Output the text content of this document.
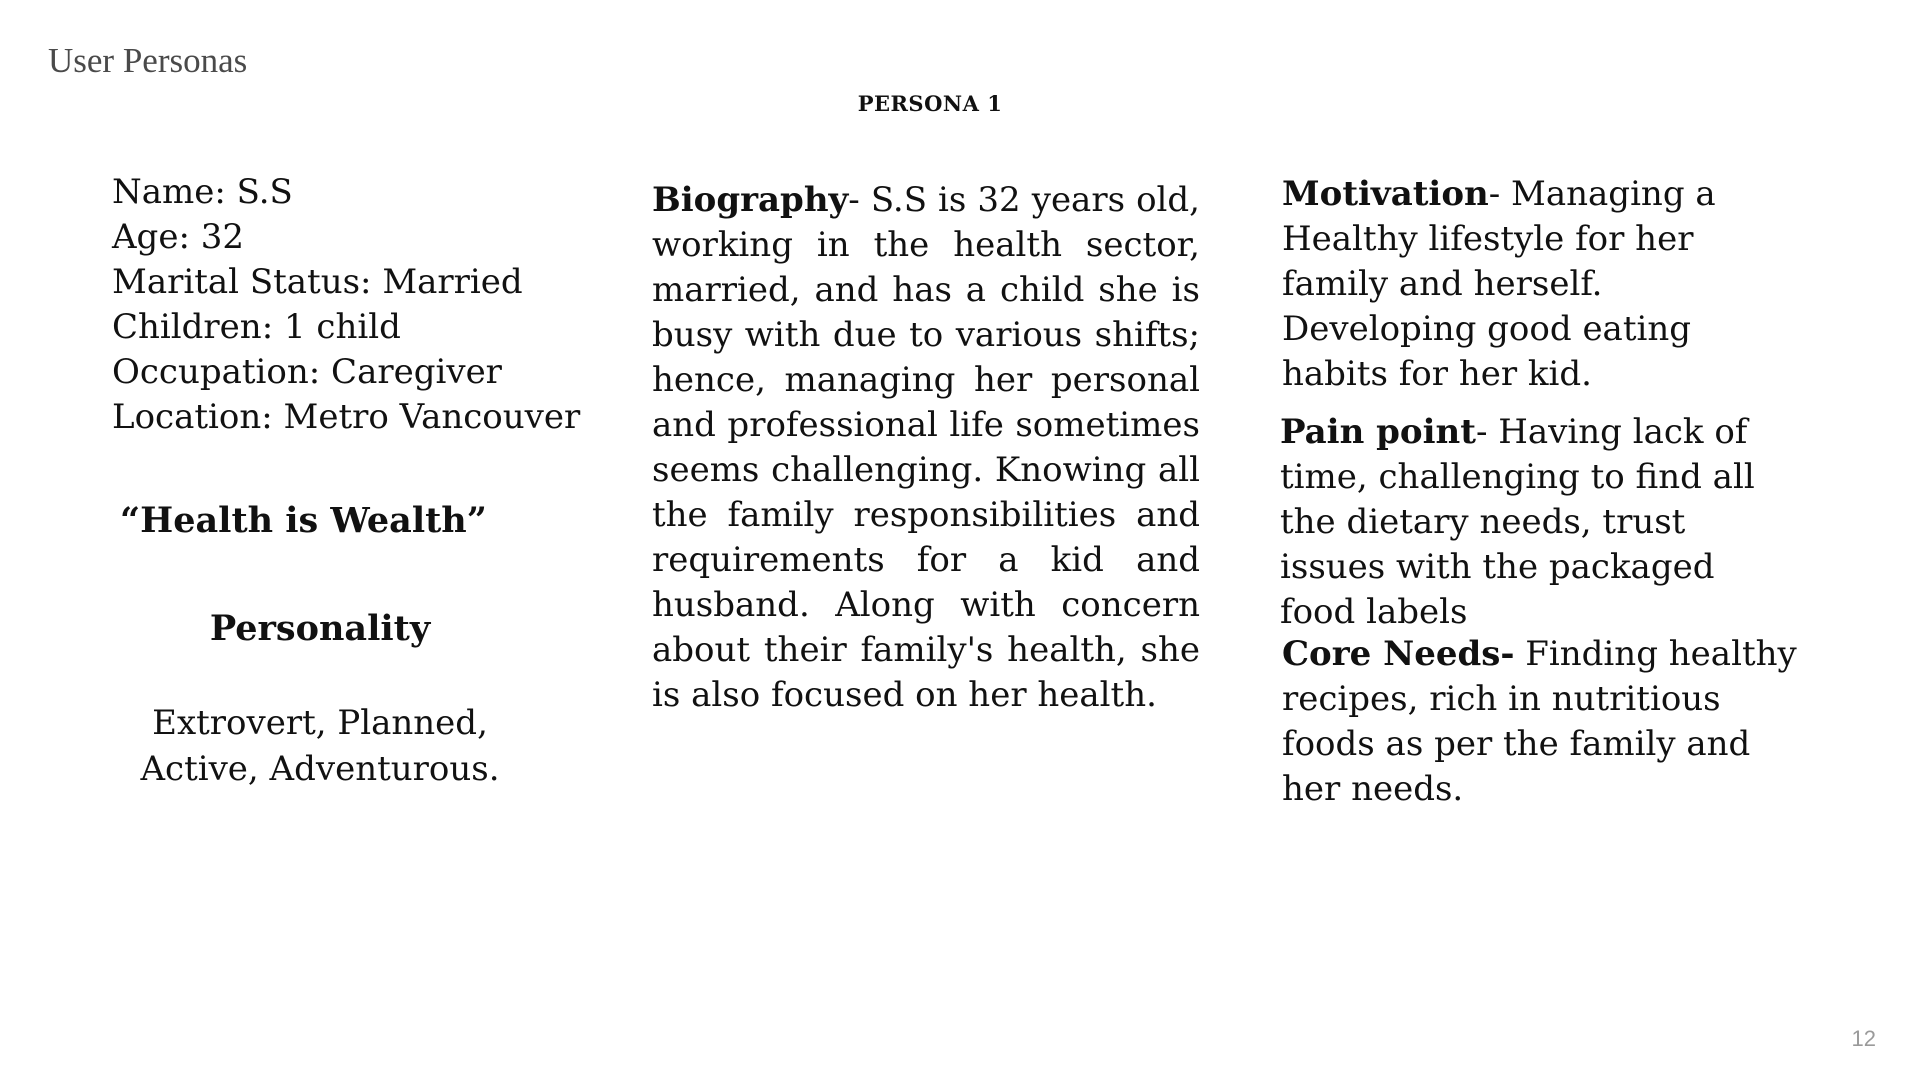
User Personas
PERSONA 1
Name: S.S
Age: 32
Marital Status: Married
Children: 1 child
Occupation: Caregiver
Location: Metro Vancouver
“Health is Wealth”
Personality
Extrovert, Planned,
Active, Adventurous.
Biography- S.S is 32 years old, working in the health sector, married, and has a child she is busy with due to various shifts; hence, managing her personal and professional life sometimes seems challenging. Knowing all the family responsibilities and requirements for a kid and husband. Along with concern about their family's health, she is also focused on her health.
Motivation- Managing a Healthy lifestyle for her family and herself. Developing good eating habits for her kid.
Pain point- Having lack of time, challenging to find all the dietary needs, trust issues with the packaged food labels
Core Needs- Finding healthy recipes, rich in nutritious foods as per the family and her needs.
12
